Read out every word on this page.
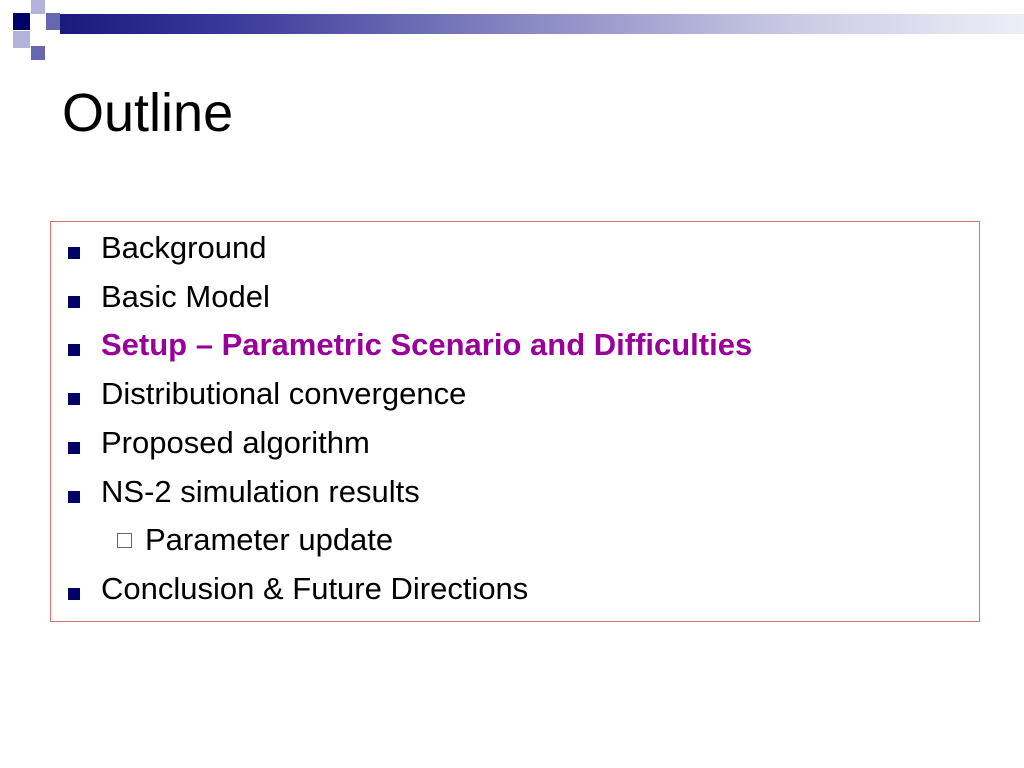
Outline
Background
Basic Model
Setup – Parametric Scenario and Difficulties
Distributional convergence
Proposed algorithm
NS-2 simulation results
Parameter update
Conclusion & Future Directions
